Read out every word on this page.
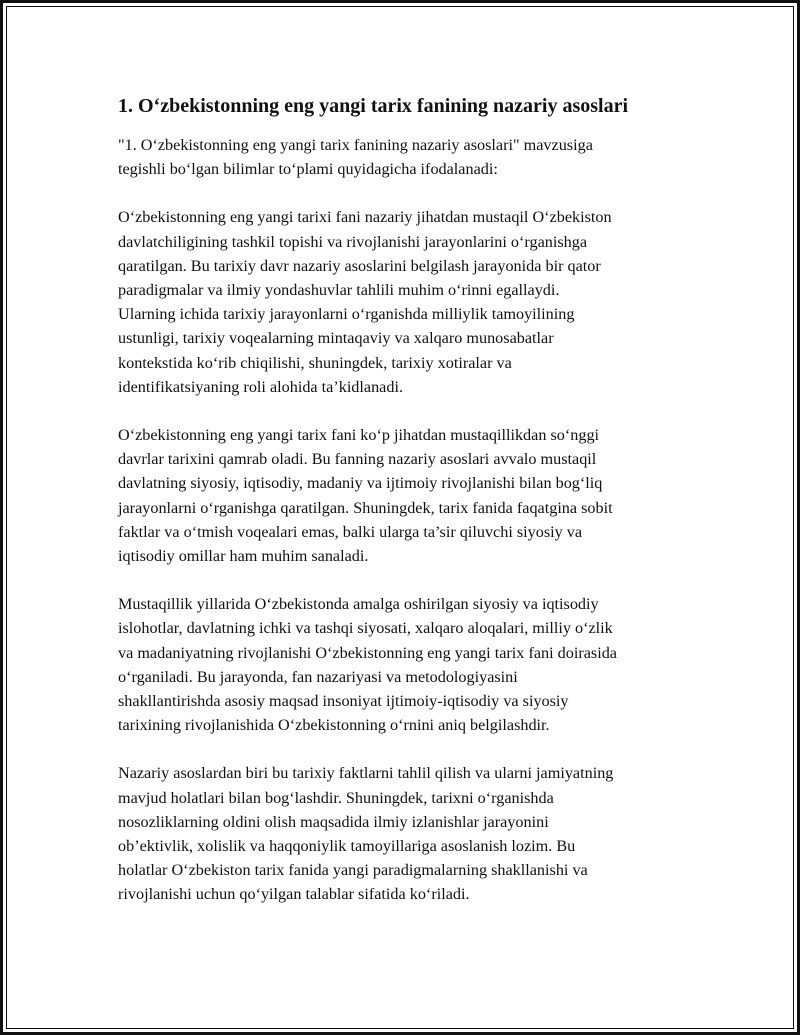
1. O‘zbekistonning eng yangi tarix fanining nazariy asoslari

"1. O‘zbekistonning eng yangi tarix fanining nazariy asoslari" mavzusiga
tegishli bo‘lgan bilimlar to‘plami quyidagicha ifodalanadi:

O‘zbekistonning eng yangi tarixi fani nazariy jihatdan mustaqil O‘zbekiston
davlatchiligining tashkil topishi va rivojlanishi jarayonlarini o‘rganishga
qaratilgan. Bu tarixiy davr nazariy asoslarini belgilash jarayonida bir qator
paradigmalar va ilmiy yondashuvlar tahlili muhim o‘rinni egallaydi.
Ularning ichida tarixiy jarayonlarni o‘rganishda milliylik tamoyilining
ustunligi, tarixiy voqealarning mintaqaviy va xalqaro munosabatlar
kontekstida ko‘rib chiqilishi, shuningdek, tarixiy xotiralar va
identifikatsiyaning roli alohida ta’kidlanadi.

O‘zbekistonning eng yangi tarix fani ko‘p jihatdan mustaqillikdan so‘nggi
davrlar tarixini qamrab oladi. Bu fanning nazariy asoslari avvalo mustaqil
davlatning siyosiy, iqtisodiy, madaniy va ijtimoiy rivojlanishi bilan bog‘liq
jarayonlarni o‘rganishga qaratilgan. Shuningdek, tarix fanida faqatgina sobit
faktlar va o‘tmish voqealari emas, balki ularga ta’sir qiluvchi siyosiy va
iqtisodiy omillar ham muhim sanaladi.

Mustaqillik yillarida O‘zbekistonda amalga oshirilgan siyosiy va iqtisodiy
islohotlar, davlatning ichki va tashqi siyosati, xalqaro aloqalari, milliy o‘zlik
va madaniyatning rivojlanishi O‘zbekistonning eng yangi tarix fani doirasida
o‘rganiladi. Bu jarayonda, fan nazariyasi va metodologiyasini
shakllantirishda asosiy maqsad insoniyat ijtimoiy-iqtisodiy va siyosiy
tarixining rivojlanishida O‘zbekistonning o‘rnini aniq belgilashdir.

Nazariy asoslardan biri bu tarixiy faktlarni tahlil qilish va ularni jamiyatning
mavjud holatlari bilan bog‘lashdir. Shuningdek, tarixni o‘rganishda
nosozliklarning oldini olish maqsadida ilmiy izlanishlar jarayonini
ob’ektivlik, xolislik va haqqoniylik tamoyillariga asoslanish lozim. Bu
holatlar O‘zbekiston tarix fanida yangi paradigmalarning shakllanishi va
rivojlanishi uchun qo‘yilgan talablar sifatida ko‘riladi.
